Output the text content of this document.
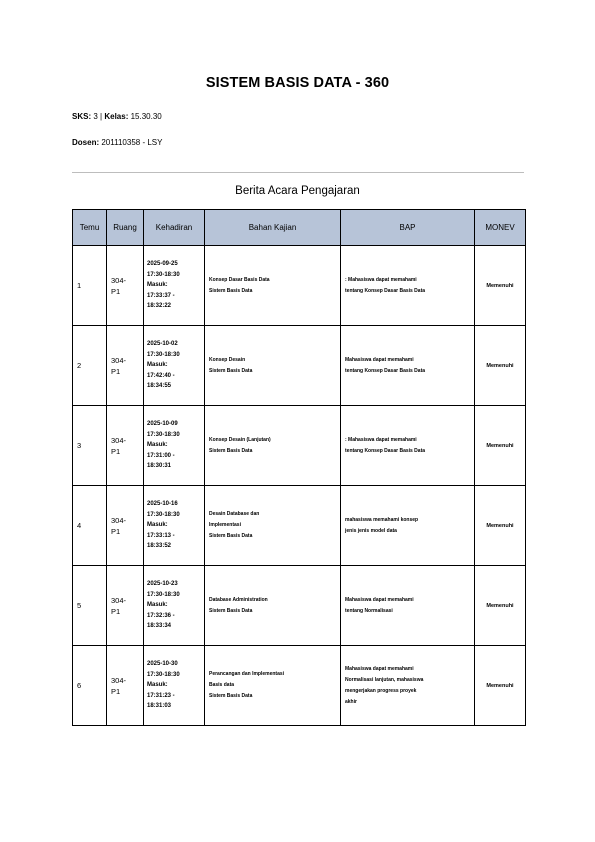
SISTEM BASIS DATA - 360
SKS: 3 | Kelas: 15.30.30
Dosen: 201110358 - LSY
Berita Acara Pengajaran
Temu	Ruang	Kehadiran	Bahan Kajian	BAP	MONEV
1	304-
P1	2025-09-25
17:30-18:30
Masuk:
17:33:37 -
18:32:22	Konsep Dasar Basis Data
Sistem Basis Data	: Mahasiswa dapat memahami
tentang Konsep Dasar Basis Data	Memenuhi
2	304-
P1	2025-10-02
17:30-18:30
Masuk:
17:42:40 -
18:34:55	Konsep Desain
Sistem Basis Data	Mahasiswa dapat memahami
tentang Konsep Dasar Basis Data	Memenuhi
3	304-
P1	2025-10-09
17:30-18:30
Masuk:
17:31:00 -
18:30:31	Konsep Desain (Lanjutan)
Sistem Basis Data	: Mahasiswa dapat memahami
tentang Konsep Dasar Basis Data	Memenuhi
4	304-
P1	2025-10-16
17:30-18:30
Masuk:
17:33:13 -
18:33:52	Desain Database dan
Implementasi
Sistem Basis Data	mahasiswa memahami konsep
jenis jenis model data	Memenuhi
5	304-
P1	2025-10-23
17:30-18:30
Masuk:
17:32:36 -
18:33:34	Database Administration
Sistem Basis Data	Mahasiswa dapat memahami
tentang Normalisasi	Memenuhi
6	304-
P1	2025-10-30
17:30-18:30
Masuk:
17:31:23 -
18:31:03	Perancangan dan Implementasi
Basis data
Sistem Basis Data	Mahasiswa dapat memahami
Normalisasi lanjutan, mahasiswa
mengerjakan progress proyek
akhir	Memenuhi
